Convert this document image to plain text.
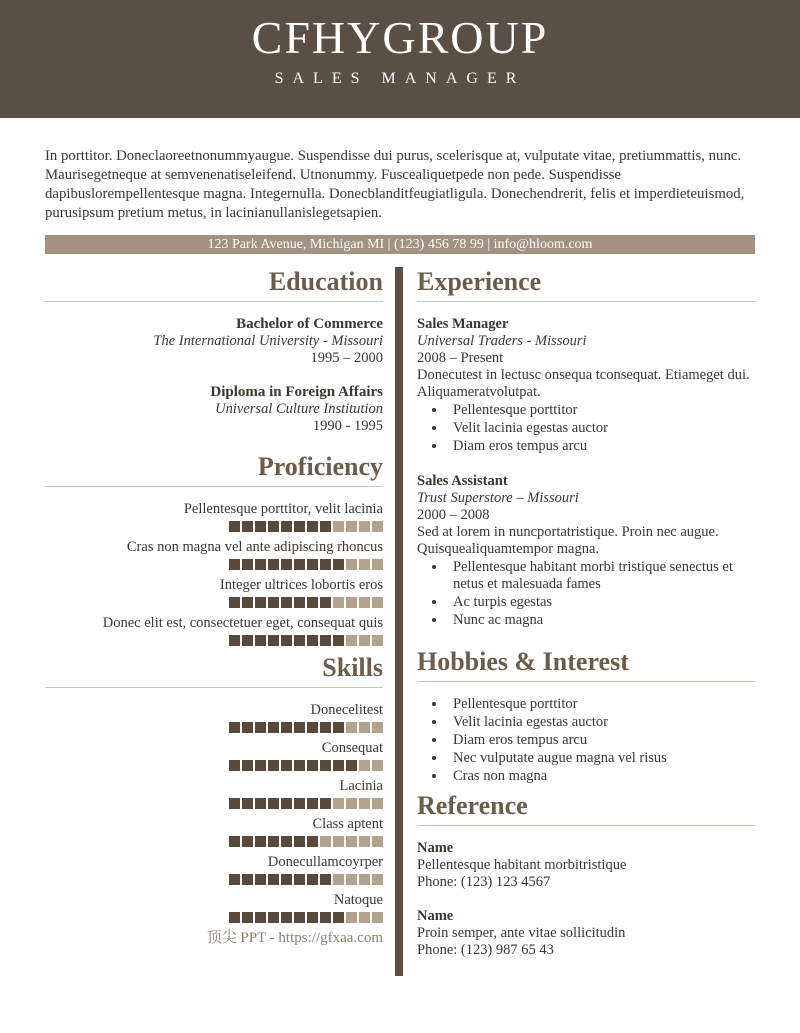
CFHYGROUP
SALES MANAGER

In porttitor. Doneclaoreetnonummyaugue. Suspendisse dui purus, scelerisque at, vulputate vitae, pretiummattis, nunc. Maurisegetneque at semvenenatiseleifend. Utnonummy. Fuscealiquetpede non pede. Suspendisse dapibuslorempellentesque magna. Integernulla. Donecblanditfeugiatligula. Donechendrerit, felis et imperdieteuismod, purusipsum pretium metus, in lacinianullanislegetsapien.

123 Park Avenue, Michigan MI | (123) 456 78 99 | info@hloom.com
Education
Bachelor of Commerce
The International University - Missouri
1995 – 2000
Diploma in Foreign Affairs
Universal Culture Institution
1990 - 1995
Proficiency
Pellentesque porttitor, velit lacinia
Cras non magna vel ante adipiscing rhoncus
Integer ultrices lobortis eros
Donec elit est, consectetuer eget, consequat quis
Skills
Donecelitest
Consequat
Lacinia
Class aptent
Donecullamcoyrper
Natoque
顶尖 PPT - https://gfxaa.com
Experience
Sales Manager
Universal Traders - Missouri
2008 – Present
Donecutest in lectusc onsequa tconsequat. Etiameget dui. Aliquameratvolutpat.
• Pellentesque porttitor
• Velit lacinia egestas auctor
• Diam eros tempus arcu
Sales Assistant
Trust Superstore – Missouri
2000 – 2008
Sed at lorem in nuncportatristique. Proin nec augue. Quisquealiquamtempor magna.
• Pellentesque habitant morbi tristique senectus et netus et malesuada fames
• Ac turpis egestas
• Nunc ac magna
Hobbies & Interest
• Pellentesque porttitor
• Velit lacinia egestas auctor
• Diam eros tempus arcu
• Nec vulputate augue magna vel risus
• Cras non magna
Reference
Name
Pellentesque habitant morbitristique
Phone: (123) 123 4567
Name
Proin semper, ante vitae sollicitudin
Phone: (123) 987 65 43
